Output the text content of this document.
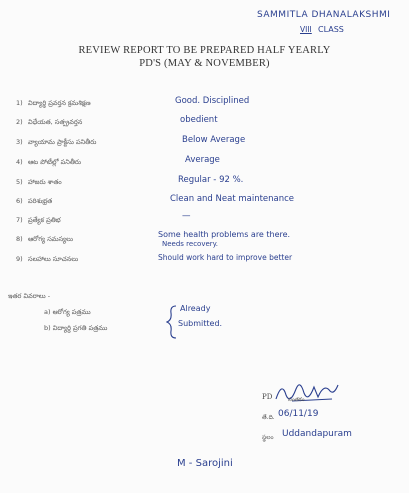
SAMMITLA DHANALAKSHMI
VIII CLASS
REVIEW REPORT TO BE PREPARED HALF YEARLY
PD'S (MAY & NOVEMBER)
1) విద్యార్థి ప్రవర్తన క్రమశిక్షణ	Good. Disciplined
2) విధేయత, సత్ప్రవర్తన	obedient
3) వ్యాయామ ప్రాక్టీసు పనితీరు	Below Average
4) ఆట పోటీల్లో పనితీరు	Average
5) హాజరు శాతం	Regular - 92 %.
6) పరిశుభ్రత	Clean and Neat maintenance
7) ప్రత్యేక ప్రతిభ	—
8) ఆరోగ్య సమస్యలు	Some health problems are there.
Needs recovery.
9) సలహాలు సూచనలు	Should work hard to improve better
ఇతర వివరాలు -
a) ఆరోగ్య పత్రము
b) విద్యార్థి ప్రగతి పత్రము
Already
Submitted.
PD	సంతకం
తే.ది. 06/11/19
స్థలం Uddandapuram
M - Sarojini
